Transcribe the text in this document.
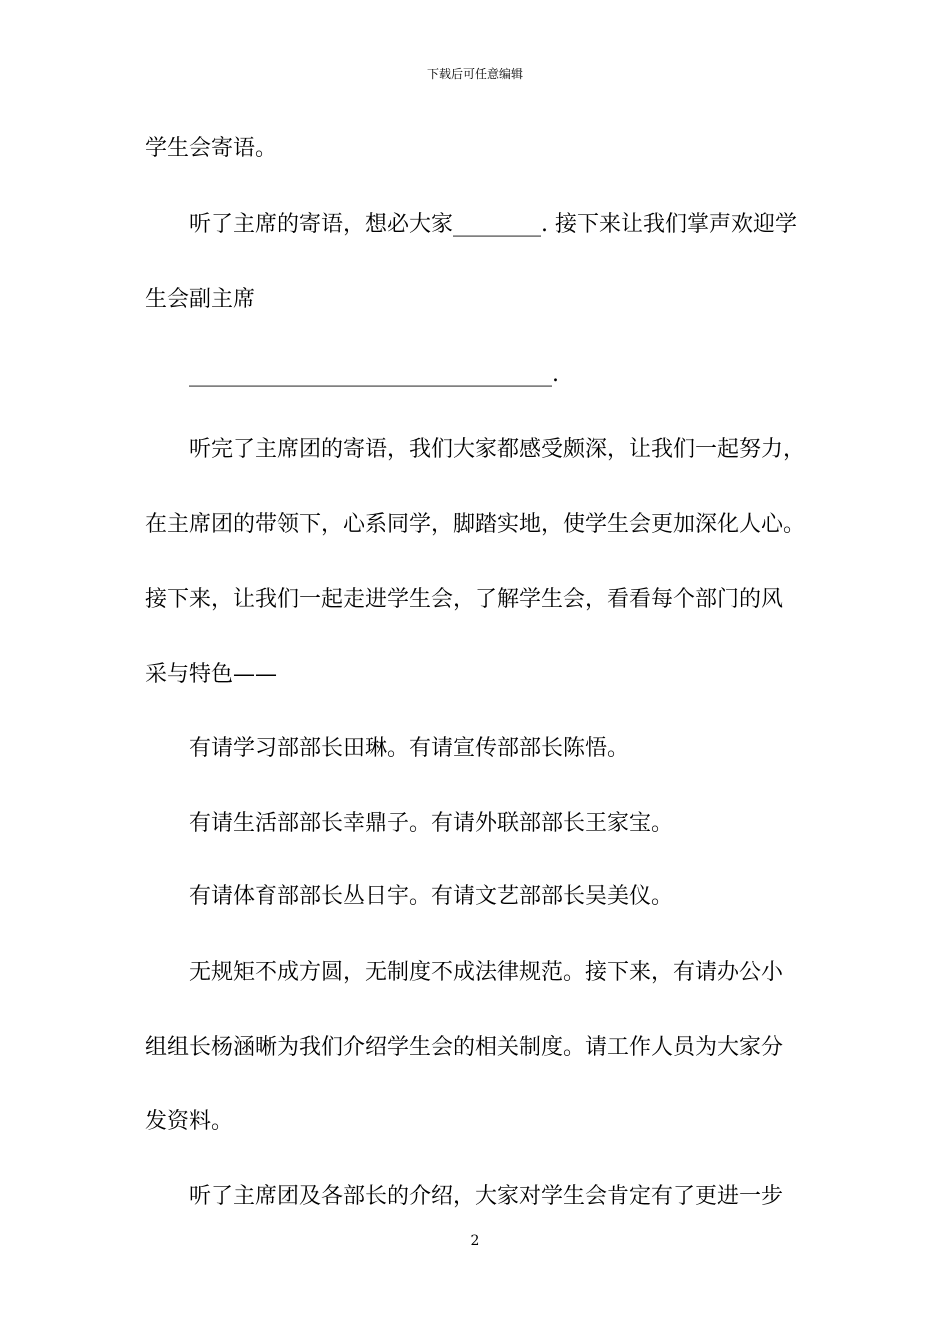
下载后可任意编辑
学生会寄语。
听了主席的寄语，想必大家________. 接下来让我们掌声欢迎学
生会副主席
_________________________________.
听完了主席团的寄语，我们大家都感受颇深，让我们一起努力，
在主席团的带领下，心系同学，脚踏实地，使学生会更加深化人心。
接下来，让我们一起走进学生会，了解学生会，看看每个部门的风
采与特色——
有请学习部部长田琳。有请宣传部部长陈悟。
有请生活部部长幸鼎子。有请外联部部长王家宝。
有请体育部部长丛日宇。有请文艺部部长吴美仪。
无规矩不成方圆，无制度不成法律规范。接下来，有请办公小
组组长杨涵晰为我们介绍学生会的相关制度。请工作人员为大家分
发资料。
听了主席团及各部长的介绍，大家对学生会肯定有了更进一步
2
